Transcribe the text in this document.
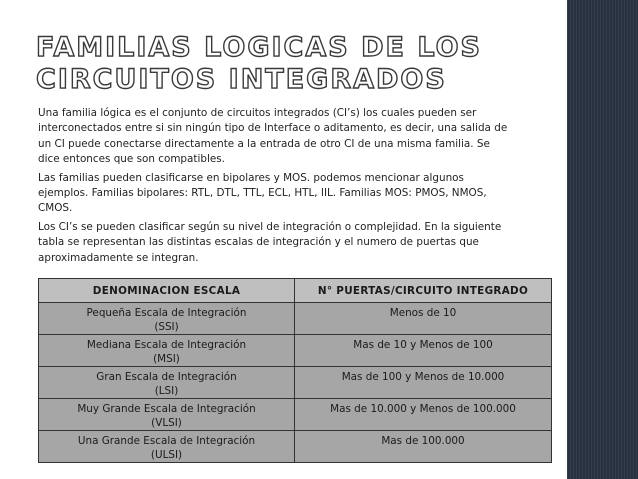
FAMILIAS LOGICAS DE LOS
CIRCUITOS INTEGRADOS

Una familia lógica es el conjunto de circuitos integrados (CI’s) los cuales pueden ser
interconectados entre si sin ningún tipo de Interface o aditamento, es decir, una salida de
un CI puede conectarse directamente a la entrada de otro CI de una misma familia. Se
dice entonces que son compatibles.

Las familias pueden clasificarse en bipolares y MOS. podemos mencionar algunos
ejemplos. Familias bipolares: RTL, DTL, TTL, ECL, HTL, IIL. Familias MOS: PMOS, NMOS,
CMOS.

Los CI’s se pueden clasificar según su nivel de integración o complejidad. En la siguiente
tabla se representan las distintas escalas de integración y el numero de puertas que
aproximadamente se integran.

DENOMINACION ESCALA	N° PUERTAS/CIRCUITO INTEGRADO

Pequeña Escala de Integración
(SSI)	Menos de 10

Mediana Escala de Integración
(MSI)	Mas de 10 y Menos de 100

Gran Escala de Integración
(LSI)	Mas de 100 y Menos de 10.000

Muy Grande Escala de Integración
(VLSI)	Mas de 10.000 y Menos de 100.000

Una Grande Escala de Integración
(ULSI)	Mas de 100.000
